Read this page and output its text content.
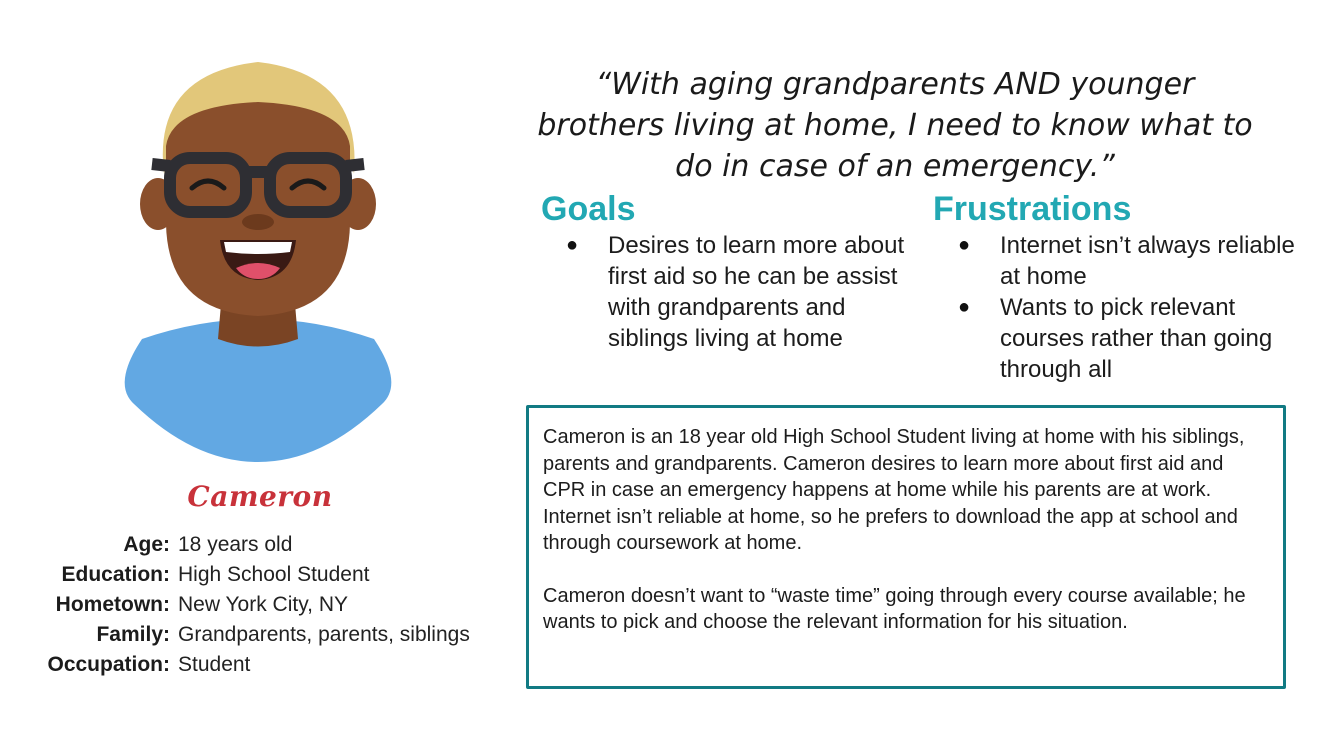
Cameron
Age: 18 years old
Education: High School Student
Hometown: New York City, NY
Family: Grandparents, parents, siblings
Occupation: Student
“With aging grandparents AND younger brothers living at home, I need to know what to do in case of an emergency.”
Goals
● Desires to learn more about first aid so he can be assist with grandparents and siblings living at home
Frustrations
● Internet isn’t always reliable at home
● Wants to pick relevant courses rather than going through all

Cameron is an 18 year old High School Student living at home with his siblings, parents and grandparents. Cameron desires to learn more about first aid and CPR in case an emergency happens at home while his parents are at work. Internet isn’t reliable at home, so he prefers to download the app at school and through coursework at home.

Cameron doesn’t want to “waste time” going through every course available; he wants to pick and choose the relevant information for his situation.
